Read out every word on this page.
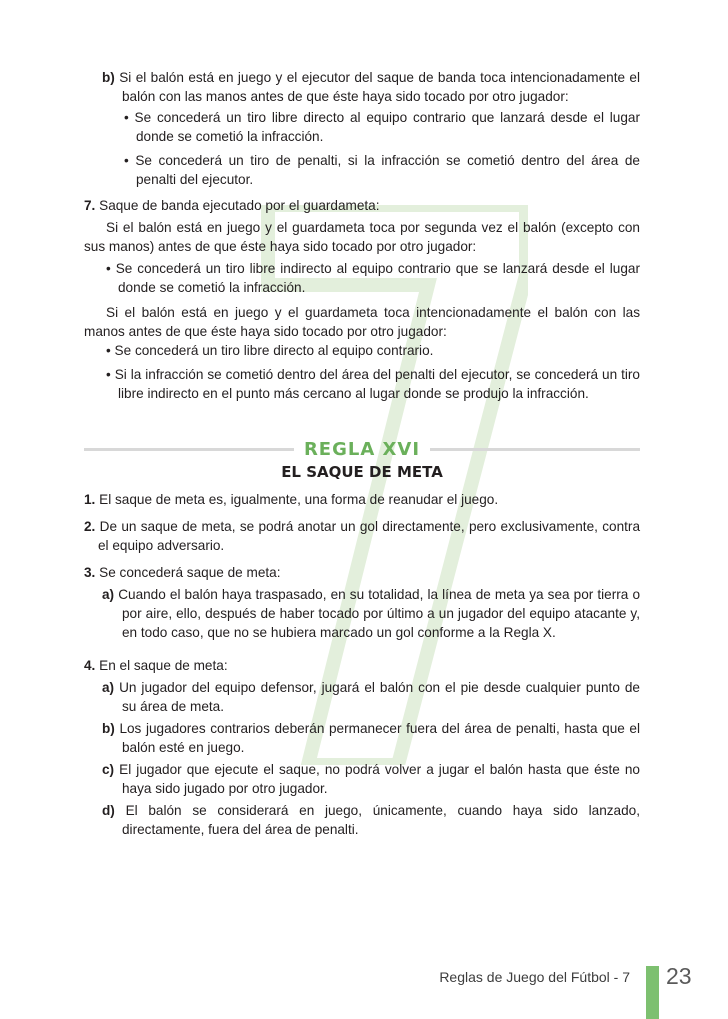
b) Si el balón está en juego y el ejecutor del saque de banda toca intencionadamente el balón con las manos antes de que éste haya sido tocado por otro jugador:

• Se concederá un tiro libre directo al equipo contrario que lanzará desde el lugar donde se cometió la infracción.

• Se concederá un tiro de penalti, si la infracción se cometió dentro del área de penalti del ejecutor.

7. Saque de banda ejecutado por el guardameta:

Si el balón está en juego y el guardameta toca por segunda vez el balón (excepto con sus manos) antes de que éste haya sido tocado por otro jugador:

• Se concederá un tiro libre indirecto al equipo contrario que se lanzará desde el lugar donde se cometió la infracción.

Si el balón está en juego y el guardameta toca intencionadamente el balón con las manos antes de que éste haya sido tocado por otro jugador:

• Se concederá un tiro libre directo al equipo contrario.

• Si la infracción se cometió dentro del área del penalti del ejecutor, se concederá un tiro libre indirecto en el punto más cercano al lugar donde se produjo la infracción.

REGLA XVI
EL SAQUE DE META

1. El saque de meta es, igualmente, una forma de reanudar el juego.

2. De un saque de meta, se podrá anotar un gol directamente, pero exclusivamente, contra el equipo adversario.

3. Se concederá saque de meta:

a) Cuando el balón haya traspasado, en su totalidad, la línea de meta ya sea por tierra o por aire, ello, después de haber tocado por último a un jugador del equipo atacante y, en todo caso, que no se hubiera marcado un gol conforme a la Regla X.

4. En el saque de meta:

a) Un jugador del equipo defensor, jugará el balón con el pie desde cualquier punto de su área de meta.

b) Los jugadores contrarios deberán permanecer fuera del área de penalti, hasta que el balón esté en juego.

c) El jugador que ejecute el saque, no podrá volver a jugar el balón hasta que éste no haya sido jugado por otro jugador.

d) El balón se considerará en juego, únicamente, cuando haya sido lanzado, directamente, fuera del área de penalti.

Reglas de Juego del Fútbol - 7 23
